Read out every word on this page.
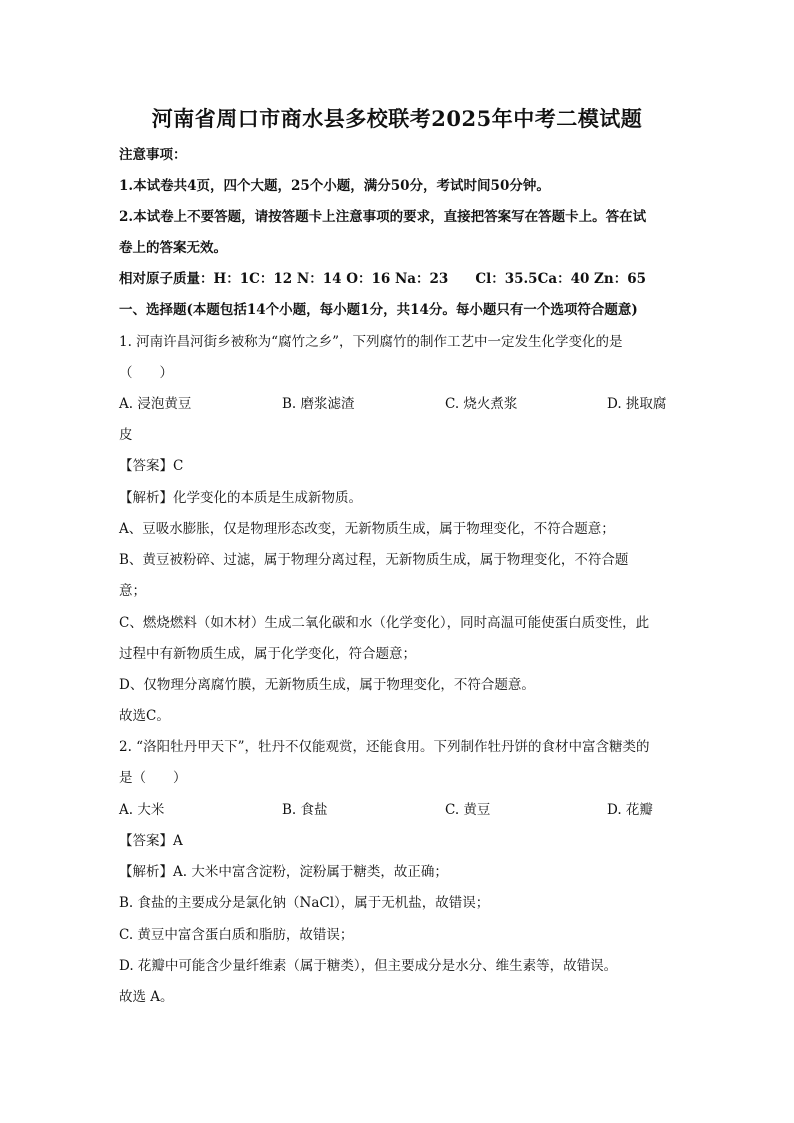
河南省周口市商水县多校联考2025年中考二模试题
注意事项：
1.本试卷共4页，四个大题，25个小题，满分50分，考试时间50分钟。
2.本试卷上不要答题，请按答题卡上注意事项的要求，直接把答案写在答题卡上。答在试
卷上的答案无效。
相对原子质量：H：1C：12 N：14 O：16 Na：23　　Cl：35.5Ca：40 Zn：65
一、选择题(本题包括14个小题，每小题1分，共14分。每小题只有一个选项符合题意)
1. 河南许昌河街乡被称为“腐竹之乡”，下列腐竹的制作工艺中一定发生化学变化的是
（　　）
A. 浸泡黄豆	B. 磨浆滤渣	C. 烧火煮浆	D. 挑取腐
皮
【答案】C
【解析】化学变化的本质是生成新物质。
A、豆吸水膨胀，仅是物理形态改变，无新物质生成，属于物理变化，不符合题意；
B、黄豆被粉碎、过滤，属于物理分离过程，无新物质生成，属于物理变化，不符合题
意；
C、燃烧燃料（如木材）生成二氧化碳和水（化学变化），同时高温可能使蛋白质变性，此
过程中有新物质生成，属于化学变化，符合题意；
D、仅物理分离腐竹膜，无新物质生成，属于物理变化，不符合题意。
故选C。
2. “洛阳牡丹甲天下”，牡丹不仅能观赏，还能食用。下列制作牡丹饼的食材中富含糖类的
是（　　）
A. 大米	B. 食盐	C. 黄豆	D. 花瓣
【答案】A
【解析】A. 大米中富含淀粉，淀粉属于糖类，故正确；
B. 食盐的主要成分是氯化钠（NaCl），属于无机盐，故错误；
C. 黄豆中富含蛋白质和脂肪，故错误；
D. 花瓣中可能含少量纤维素（属于糖类），但主要成分是水分、维生素等，故错误。
故选 A。
